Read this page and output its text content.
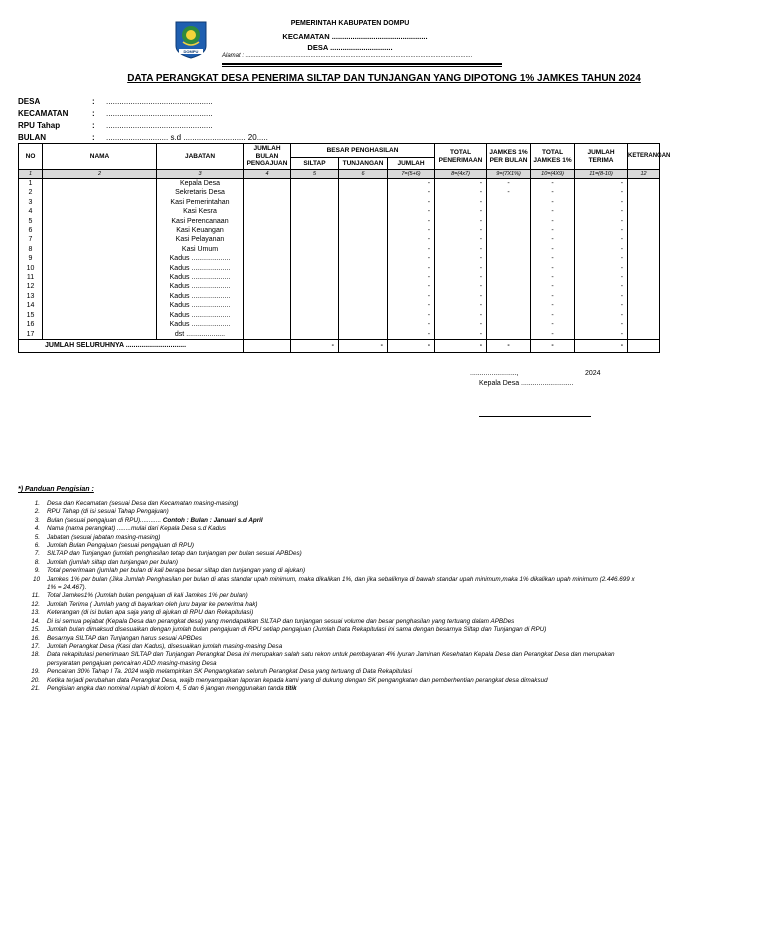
DOMPU
PEMERINTAH KABUPATEN DOMPU
KECAMATAN ..............................................
DESA ..............................
Alamat : ........................................................................................................................................
DATA PERANGKAT DESA PENERIMA SILTAP DAN TUNJANGAN YANG DIPOTONG 1% JAMKES TAHUN 2024
DESA	: ................................................
KECAMATAN	: ................................................
RPU Tahap	: ................................................
BULAN	: ............................ s.d ............................ 20.....
NO	NAMA	JABATAN	JUMLAH BULAN PENGAJUAN	BESAR PENGHASILAN			TOTAL PENERIMAAN	JAMKES 1% PER BULAN	TOTAL JAMKES 1%	JUMLAH TERIMA	KETERANGAN
				SILTAP	TUNJANGAN	JUMLAH					
1	2	3	4	5	6	7=(5+6)	8=(4x7)	9=(7X1%)	10=(4X9)	11=(8-10)	12
1		Kepala Desa				-	-	-	-	-	
2		Sekretaris Desa				-	-	-	-	-	
3		Kasi Pemerintahan				-	-		-	-	
4		Kasi Kesra				-	-		-	-	
5		Kasi Perencanaan				-	-		-	-	
6		Kasi Keuangan				-	-		-	-	
7		Kasi Pelayanan				-	-		-	-	
8		Kasi Umum				-	-		-	-	
9		Kadus ....................				-	-		-	-	
10		Kadus ....................				-	-		-	-	
11		Kadus ....................				-	-		-	-	
12		Kadus ....................				-	-		-	-	
13		Kadus ....................				-	-		-	-	
14		Kadus ....................				-	-		-	-	
15		Kadus ....................				-	-		-	-	
16		Kadus ....................				-	-		-	-	
17		dst ....................				-	-		-	-	
JUMLAH SELURUHNYA ...............................				-	-	-	-	-	-	-	
........................,	2024
Kepala Desa ...........................
*) Panduan Pengisian :
1.	Desa dan Kecamatan (sesuai Desa dan Kecamatan masing-masing)
2.	RPU Tahap (di isi sesuai Tahap Pengajuan)
3.	Bulan (sesuai pengajuan di RPU)............ Contoh : Bulan : Januari s.d April
4.	Nama (nama perangkat) ........mulai dari Kepala Desa s.d Kadus
5.	Jabatan (sesuai jabatan masing-masing)
6.	Jumlah Bulan Pengajuan (sesuai pengajuan di RPU)
7.	SILTAP dan Tunjangan (jumlah penghasilan tetap dan tunjangan per bulan sesuai APBDes)
8.	Jumlah (jumlah siltap dan tunjangan per bulan)
9.	Total penerimaan (jumlah per bulan di kali berapa besar siltap dan tunjangan yang di ajukan)
10	Jamkes 1% per bulan (Jika Jumlah Penghasilan per bulan di atas standar upah minimum, maka dikalikan 1%, dan jika sebaliknya di bawah standar upah minimum,maka 1% dikalikan upah minimum (2.446.699 x 1% = 24.467).
11.	Total Jamkes1% (Jumlah bulan pengajuan di kali Jamkes 1% per bulan)
12.	Jumlah Terima ( Jumlah yang di bayarkan oleh juru bayar ke penerima hak)
13.	Keterangan (di isi bulan apa saja yang di ajukan di RPU dan Rekapitulasi)
14.	Di isi semua pejabat (Kepala Desa dan perangkat desa) yang mendapatkan SILTAP dan tunjangan sesuai volume dan besar penghasilan yang tertuang dalam APBDes
15.	Jumlah bulan dimaksud disesuaikan dengan jumlah bulan pengajuan di RPU setiap pengajuan (Jumlah Data Rekapitulasi ini sama dengan besarnya Siltap dan Tunjangan di RPU)
16.	Besarnya SILTAP dan Tunjangan harus sesuai APBDes
17.	Jumlah Perangkat Desa (Kasi dan Kadus), disesuaikan jumlah masing-masing Desa
18.	Data rekapitulasi penerimaan SILTAP dan Tunjangan Perangkat Desa ini merupakan salah satu rekon untuk pembayaran 4% Iyuran Jaminan Kesehatan Kepala Desa dan Perangkat Desa dan merupakan persyaratan pengajuan pencairan ADD masing-masing Desa
19.	Pencairan 30% Tahap I Ta. 2024 wajib melampirkan SK Pengangkatan seluruh Perangkat Desa yang tertuang di Data Rekapitulasi
20.	Ketika terjadi perubahan data Perangkat Desa, wajib menyampaikan laporan kepada kami yang di dukung dengan SK pengangkatan dan pemberhentian perangkat desa dimaksud
21.	Pengisian angka dan nominal rupiah di kolom 4, 5 dan 6 jangan menggunakan tanda titik
